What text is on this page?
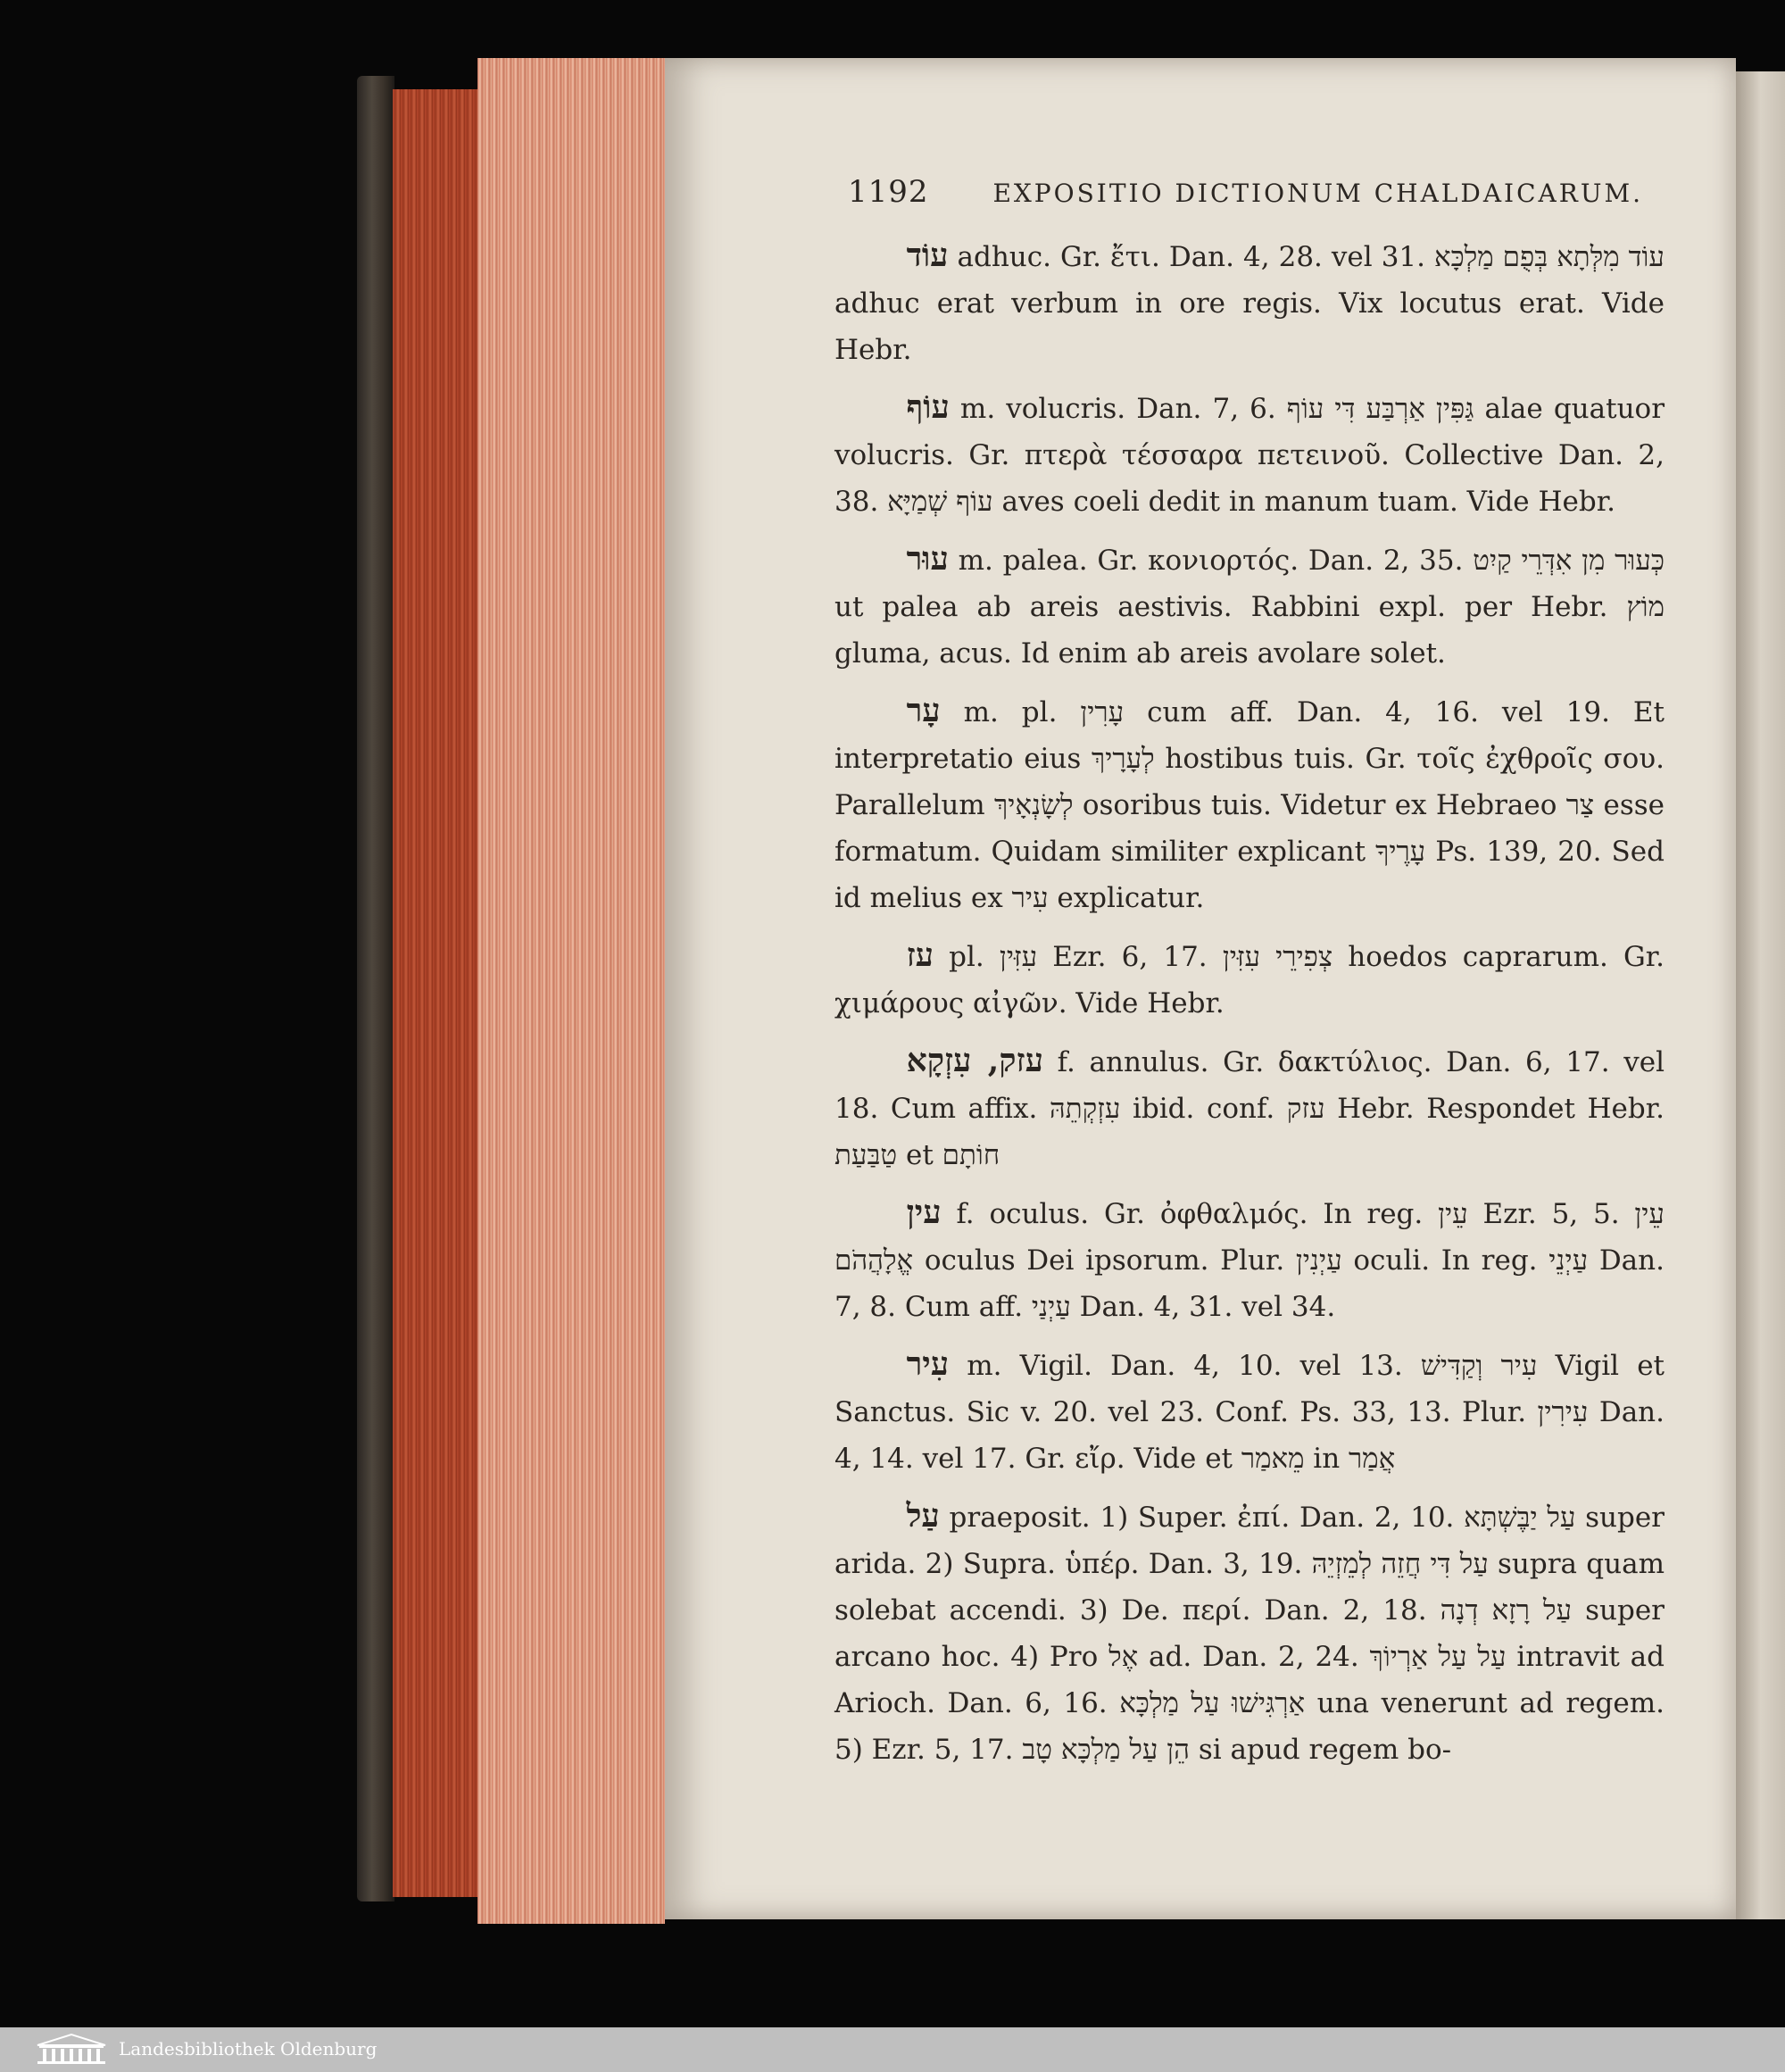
1192	EXPOSITIO DICTIONUM CHALDAICARUM.

עוֹד adhuc. Gr. ἔτι. Dan. 4, 28. vel 31. עוֹד מִלְּתָא בְּפֻם מַלְכָּא adhuc erat verbum in ore regis. Vix locutus erat. Vide Hebr.

עוֹף m. volucris. Dan. 7, 6. גַּפִּין אַרְבַּע דִּי עוֹף alae quatuor volucris. Gr. πτερὰ τέσσαρα πετεινοῦ. Collective Dan. 2, 38. עוֹף שְׁמַיָּא aves coeli dedit in manum tuam. Vide Hebr.

עוּר m. palea. Gr. κονιορτός. Dan. 2, 35. כְּעוּר מִן אִדְּרֵי קַיִט ut palea ab areis aestivis. Rabbini expl. per Hebr. מוֹץ gluma, acus. Id enim ab areis avolare solet.

עָר m. pl. עָרִין cum aff. Dan. 4, 16. vel 19. Et interpretatio eius לְעָרָיךְ hostibus tuis. Gr. τοῖς ἐχθροῖς σου. Parallelum לְשָׂנְאָיךְ osoribus tuis. Videtur ex Hebraeo צַר esse formatum. Quidam similiter explicant עָרֶיךָ Ps. 139, 20. Sed id melius ex עִיר explicatur.

עז pl. עִזִּין Ezr. 6, 17. צְפִירֵי עִזִּין hoedos caprarum. Gr. χιμάρους αἰγῶν. Vide Hebr.

עזק, עִזְקָא f. annulus. Gr. δακτύλιος. Dan. 6, 17. vel 18. Cum affix. עִזְקְתֵהּ ibid. conf. עזק Hebr. Respondet Hebr. טַבַּעַת et חוֹתָם

עין f. oculus. Gr. ὀφθαλμός. In reg. עֵין Ezr. 5, 5. עֵין אֱלָהֲהֹם oculus Dei ipsorum. Plur. עַיְנִין oculi. In reg. עַיְנֵי Dan. 7, 8. Cum aff. עַיְנַי Dan. 4, 31. vel 34.

עִיר m. Vigil. Dan. 4, 10. vel 13. עִיר וְקַדִּישׁ Vigil et Sanctus. Sic v. 20. vel 23. Conf. Ps. 33, 13. Plur. עִירִין Dan. 4, 14. vel 17. Gr. εἴρ. Vide et מֵאמַר in אֲמַר

עַל praeposit. 1) Super. ἐπί. Dan. 2, 10. עַל יַבֶּשְׁתָּא super arida. 2) Supra. ὑπέρ. Dan. 3, 19. עַל דִּי חֲזֵה לְמֵזְיֵהּ supra quam solebat accendi. 3) De. περί. Dan. 2, 18. עַל רָזָא דְנָה super arcano hoc. 4) Pro אֶל ad. Dan. 2, 24. עַל עַל אַרְיוֹךְ intravit ad Arioch. Dan. 6, 16. אַרְגִּישׁוּ עַל מַלְכָּא una venerunt ad regem. 5) Ezr. 5, 17. הֵן עַל מַלְכָּא טָב si apud regem bo-

Landesbibliothek Oldenburg
